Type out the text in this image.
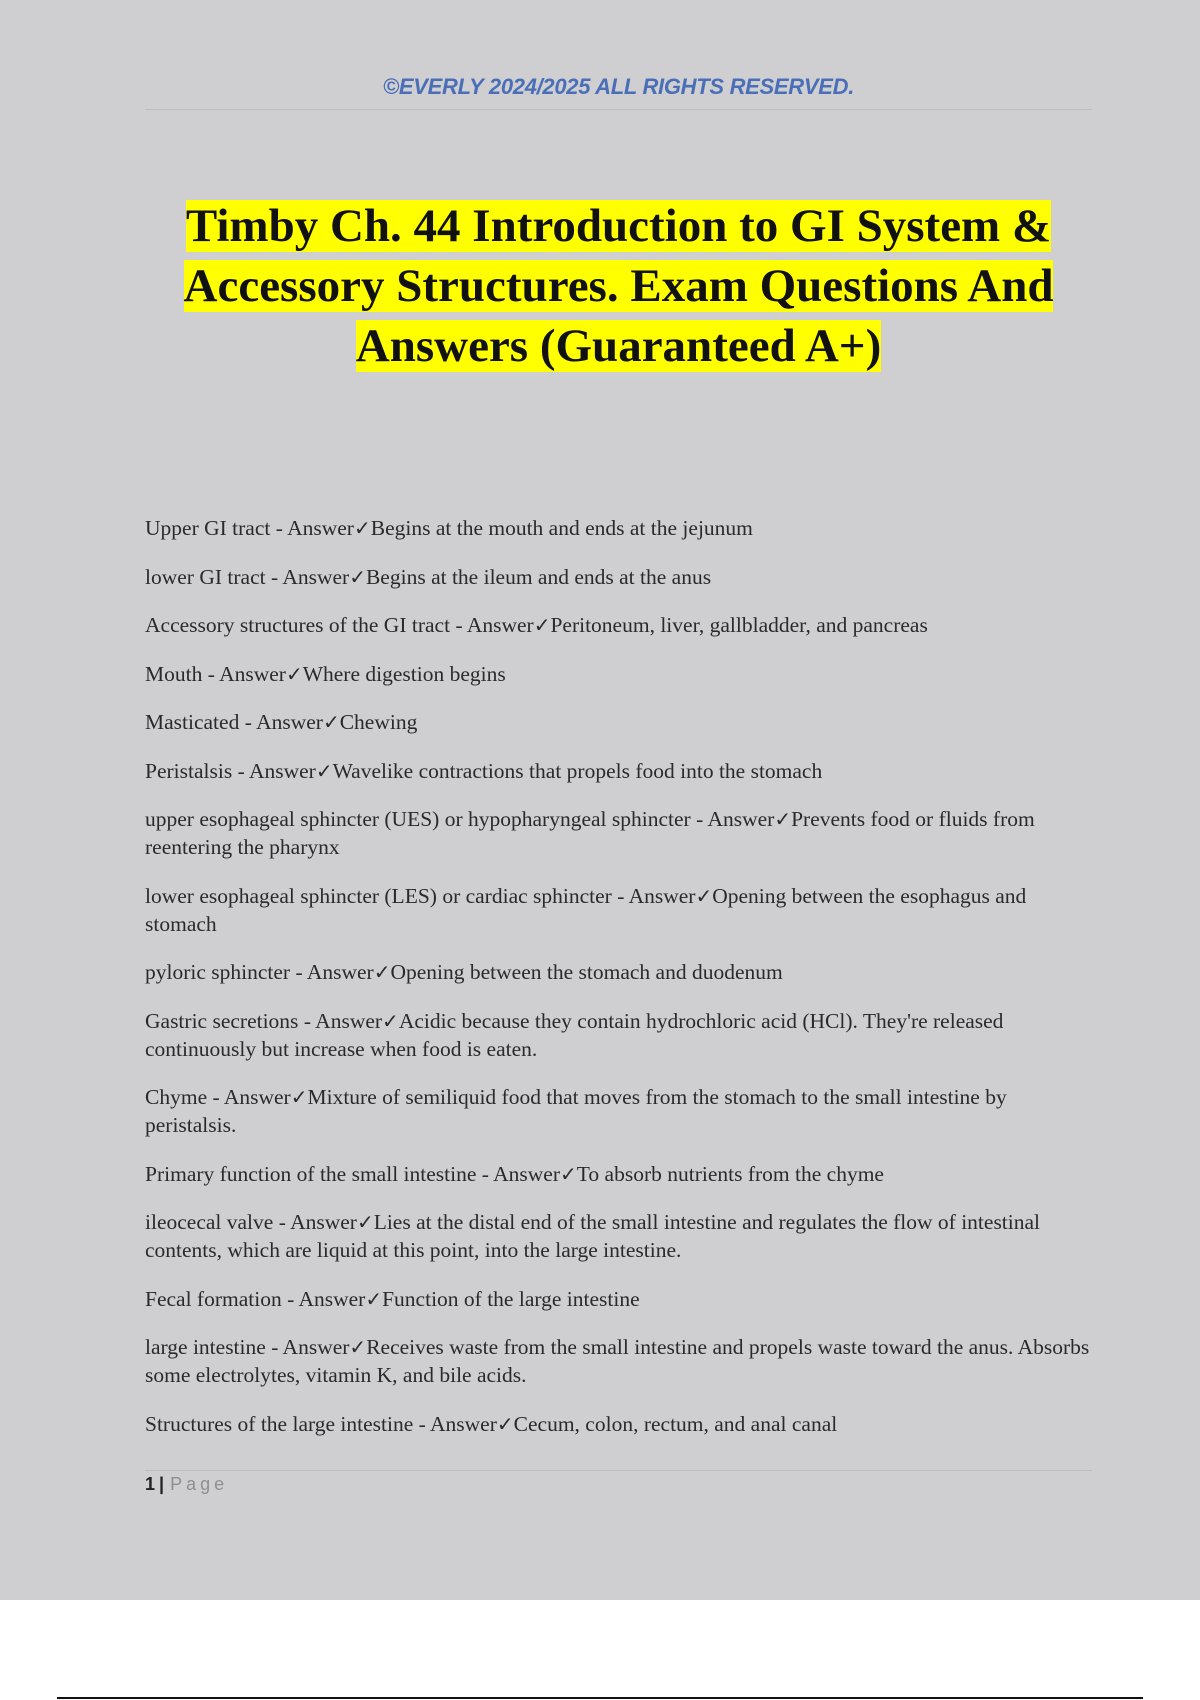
©EVERLY 2024/2025 ALL RIGHTS RESERVED.
Timby Ch. 44 Introduction to GI System &
Accessory Structures. Exam Questions And
Answers (Guaranteed A+)
Upper GI tract - Answer✓Begins at the mouth and ends at the jejunum
lower GI tract - Answer✓Begins at the ileum and ends at the anus
Accessory structures of the GI tract - Answer✓Peritoneum, liver, gallbladder, and pancreas
Mouth - Answer✓Where digestion begins
Masticated - Answer✓Chewing
Peristalsis - Answer✓Wavelike contractions that propels food into the stomach
upper esophageal sphincter (UES) or hypopharyngeal sphincter - Answer✓Prevents food or fluids from reentering the pharynx
lower esophageal sphincter (LES) or cardiac sphincter - Answer✓Opening between the esophagus and stomach
pyloric sphincter - Answer✓Opening between the stomach and duodenum
Gastric secretions - Answer✓Acidic because they contain hydrochloric acid (HCl). They're released continuously but increase when food is eaten.
Chyme - Answer✓Mixture of semiliquid food that moves from the stomach to the small intestine by peristalsis.
Primary function of the small intestine - Answer✓To absorb nutrients from the chyme
ileocecal valve - Answer✓Lies at the distal end of the small intestine and regulates the flow of intestinal contents, which are liquid at this point, into the large intestine.
Fecal formation - Answer✓Function of the large intestine
large intestine - Answer✓Receives waste from the small intestine and propels waste toward the anus. Absorbs some electrolytes, vitamin K, and bile acids.
Structures of the large intestine - Answer✓Cecum, colon, rectum, and anal canal
1 | Page
